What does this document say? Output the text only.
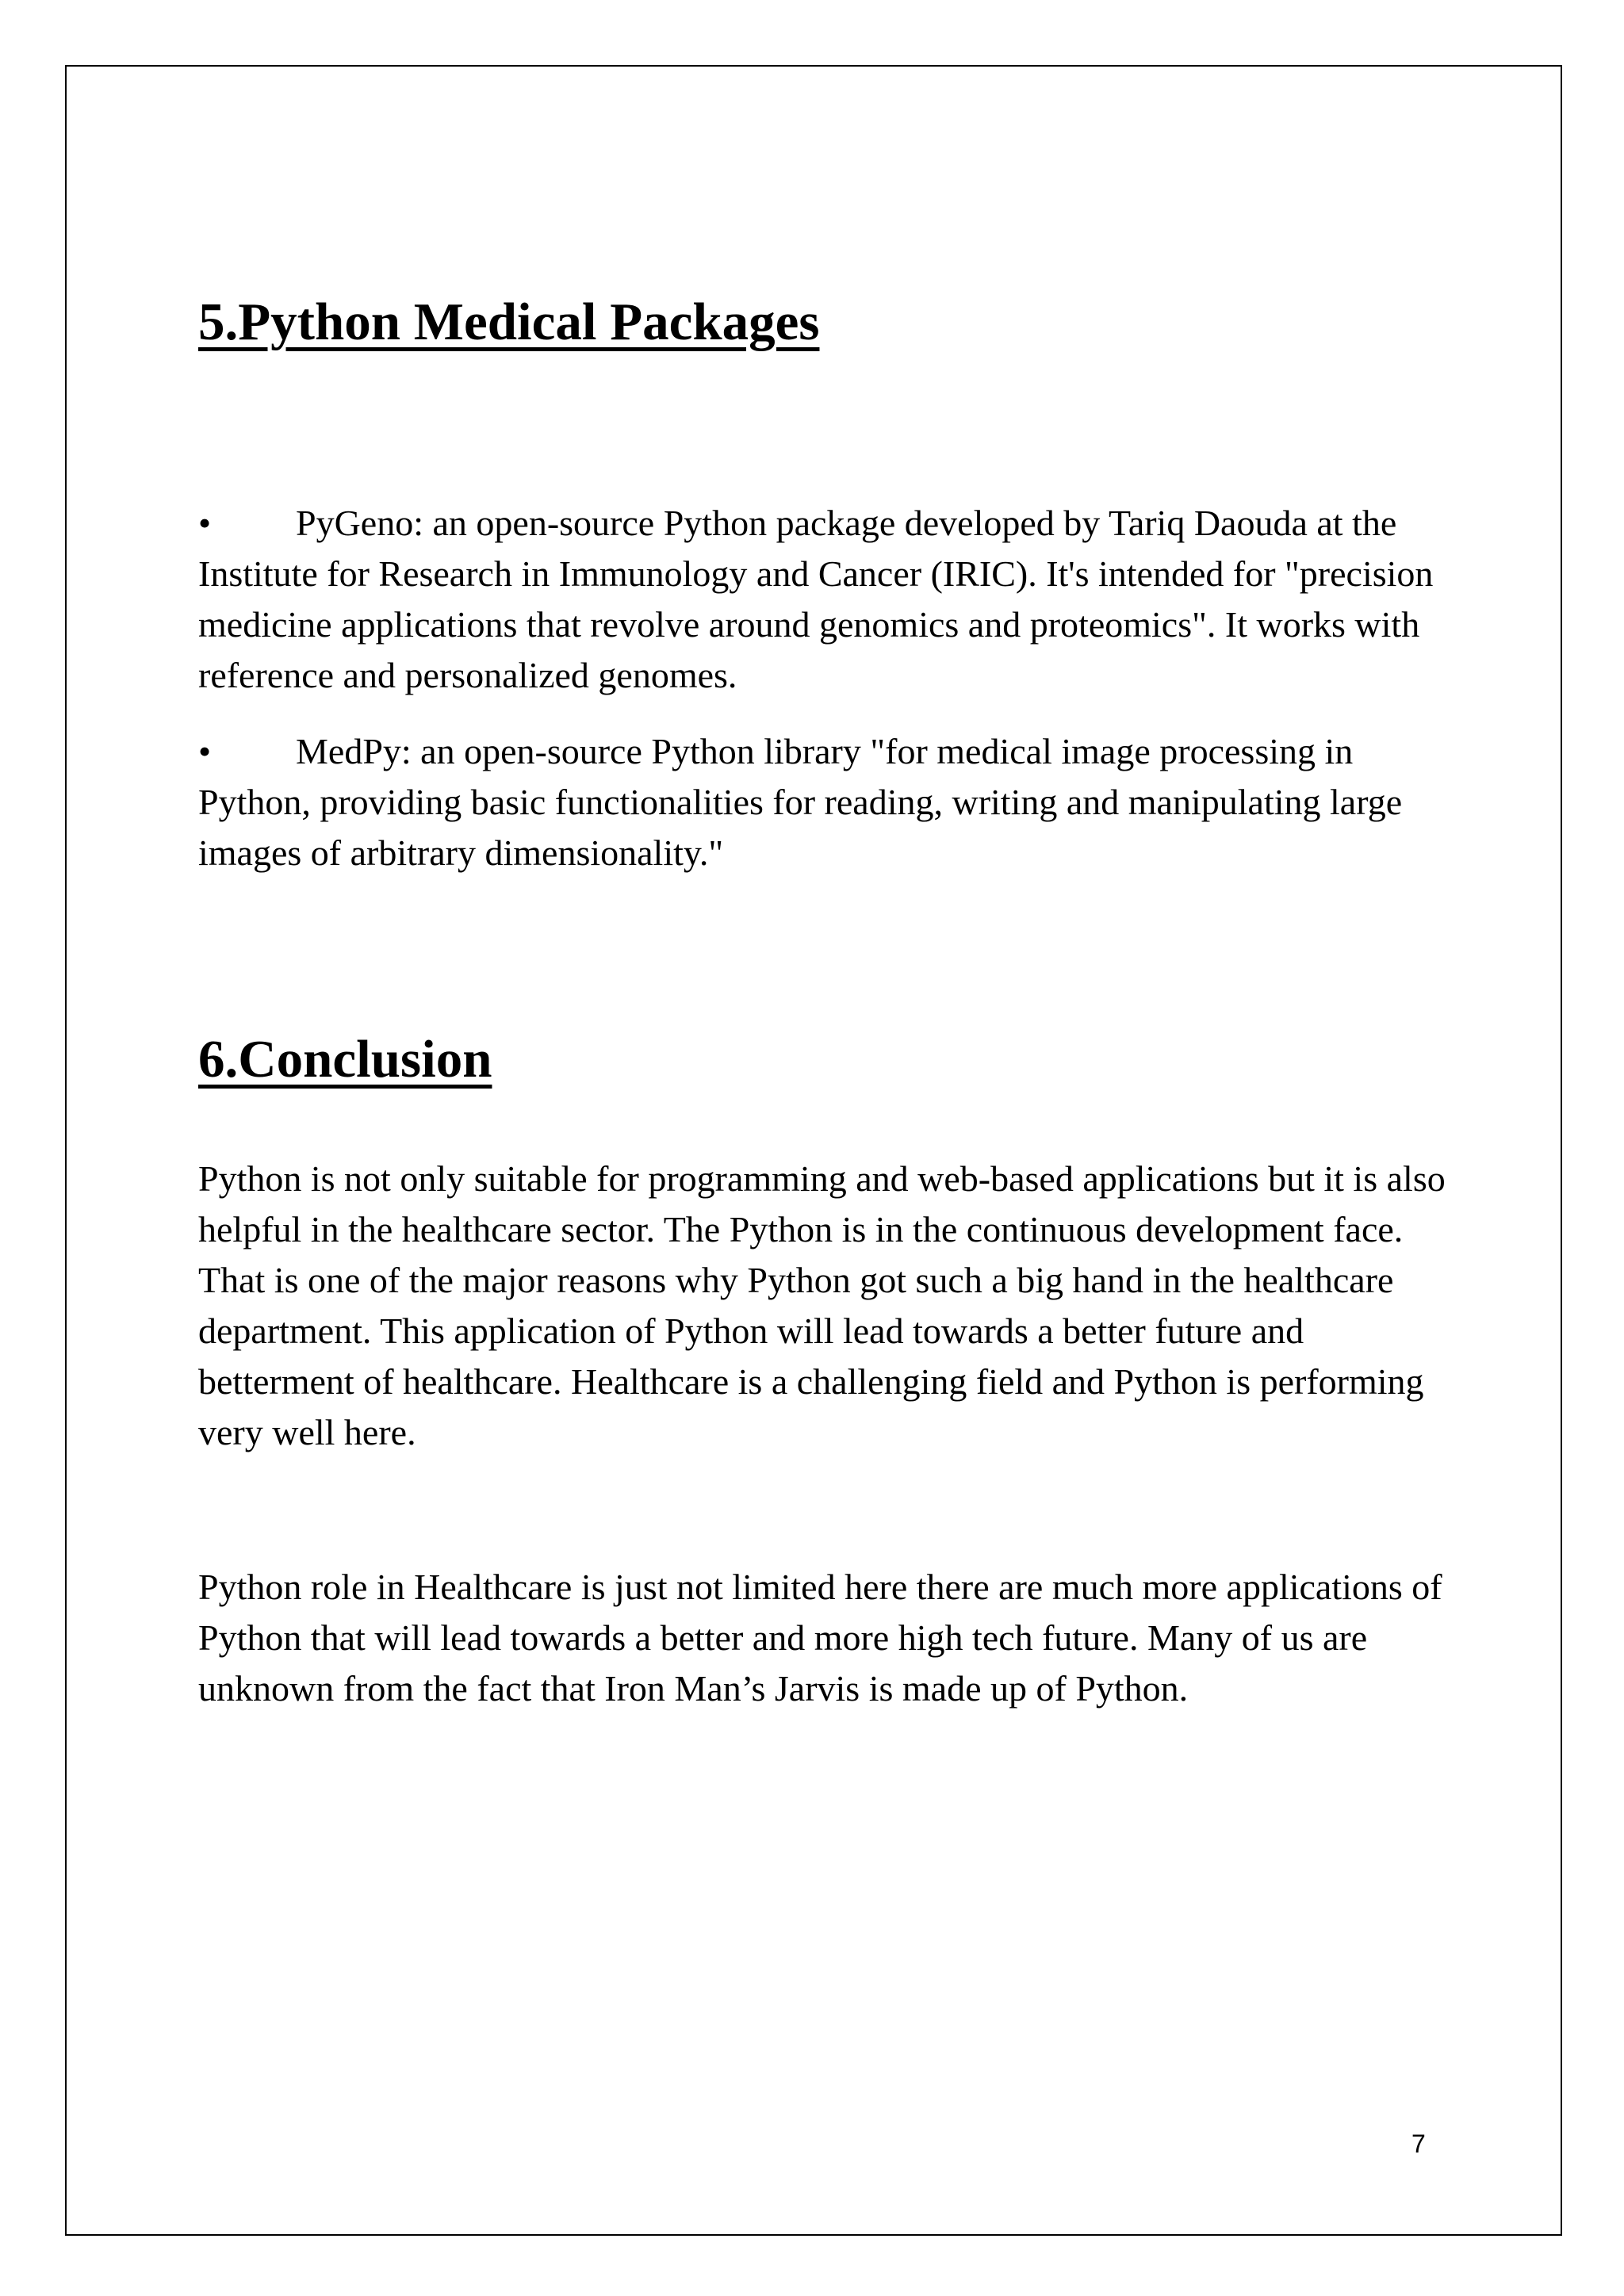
5.Python Medical Packages
• PyGeno: an open-source Python package developed by Tariq Daouda at the Institute for Research in Immunology and Cancer (IRIC). It's intended for "precision medicine applications that revolve around genomics and proteomics". It works with reference and personalized genomes.
• MedPy: an open-source Python library "for medical image processing in Python, providing basic functionalities for reading, writing and manipulating large images of arbitrary dimensionality."
6.Conclusion

Python is not only suitable for programming and web-based applications but it is also helpful in the healthcare sector. The Python is in the continuous development face. That is one of the major reasons why Python got such a big hand in the healthcare department. This application of Python will lead towards a better future and betterment of healthcare. Healthcare is a challenging field and Python is performing very well here.

Python role in Healthcare is just not limited here there are much more applications of Python that will lead towards a better and more high tech future. Many of us are unknown from the fact that Iron Man’s Jarvis is made up of Python.

7
